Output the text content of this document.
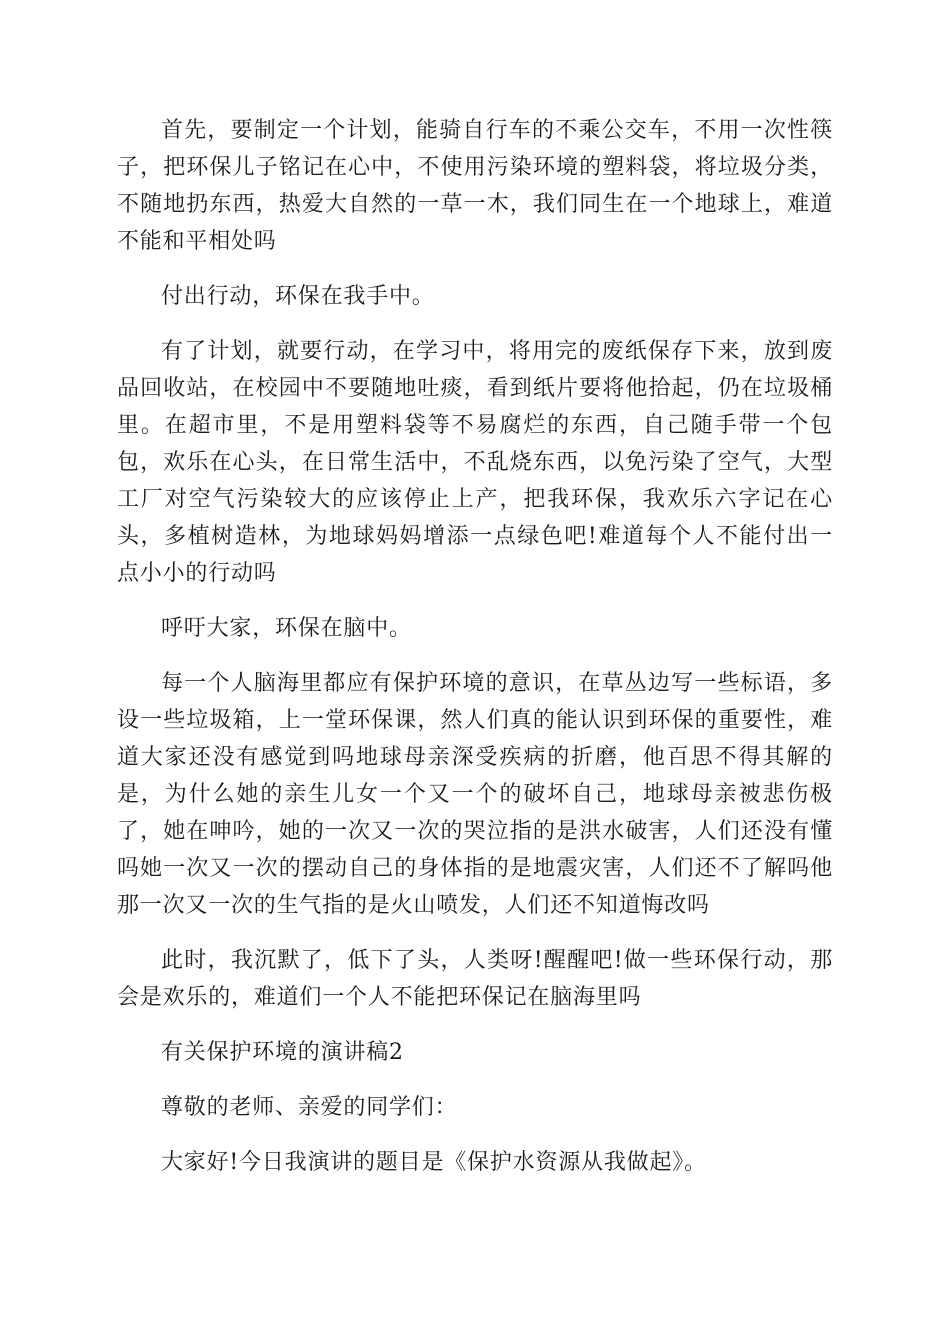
首先，要制定一个计划，能骑自行车的不乘公交车，不用一次性筷子，把环保儿子铭记在心中，不使用污染环境的塑料袋，将垃圾分类，不随地扔东西，热爱大自然的一草一木，我们同生在一个地球上，难道不能和平相处吗

付出行动，环保在我手中。

有了计划，就要行动，在学习中，将用完的废纸保存下来，放到废品回收站，在校园中不要随地吐痰，看到纸片要将他拾起，仍在垃圾桶里。在超市里，不是用塑料袋等不易腐烂的东西，自己随手带一个包包，欢乐在心头，在日常生活中，不乱烧东西，以免污染了空气，大型工厂对空气污染较大的应该停止上产，把我环保，我欢乐六字记在心头，多植树造林，为地球妈妈增添一点绿色吧!难道每个人不能付出一点小小的行动吗

呼吁大家，环保在脑中。

每一个人脑海里都应有保护环境的意识，在草丛边写一些标语，多设一些垃圾箱，上一堂环保课，然人们真的能认识到环保的重要性，难道大家还没有感觉到吗地球母亲深受疾病的折磨，他百思不得其解的是，为什么她的亲生儿女一个又一个的破坏自己，地球母亲被悲伤极了，她在呻吟，她的一次又一次的哭泣指的是洪水破害，人们还没有懂吗她一次又一次的摆动自己的身体指的是地震灾害，人们还不了解吗他那一次又一次的生气指的是火山喷发，人们还不知道悔改吗

此时，我沉默了，低下了头，人类呀!醒醒吧!做一些环保行动，那会是欢乐的，难道们一个人不能把环保记在脑海里吗

有关保护环境的演讲稿2

尊敬的老师、亲爱的同学们：

大家好!今日我演讲的题目是《保护水资源从我做起》。
